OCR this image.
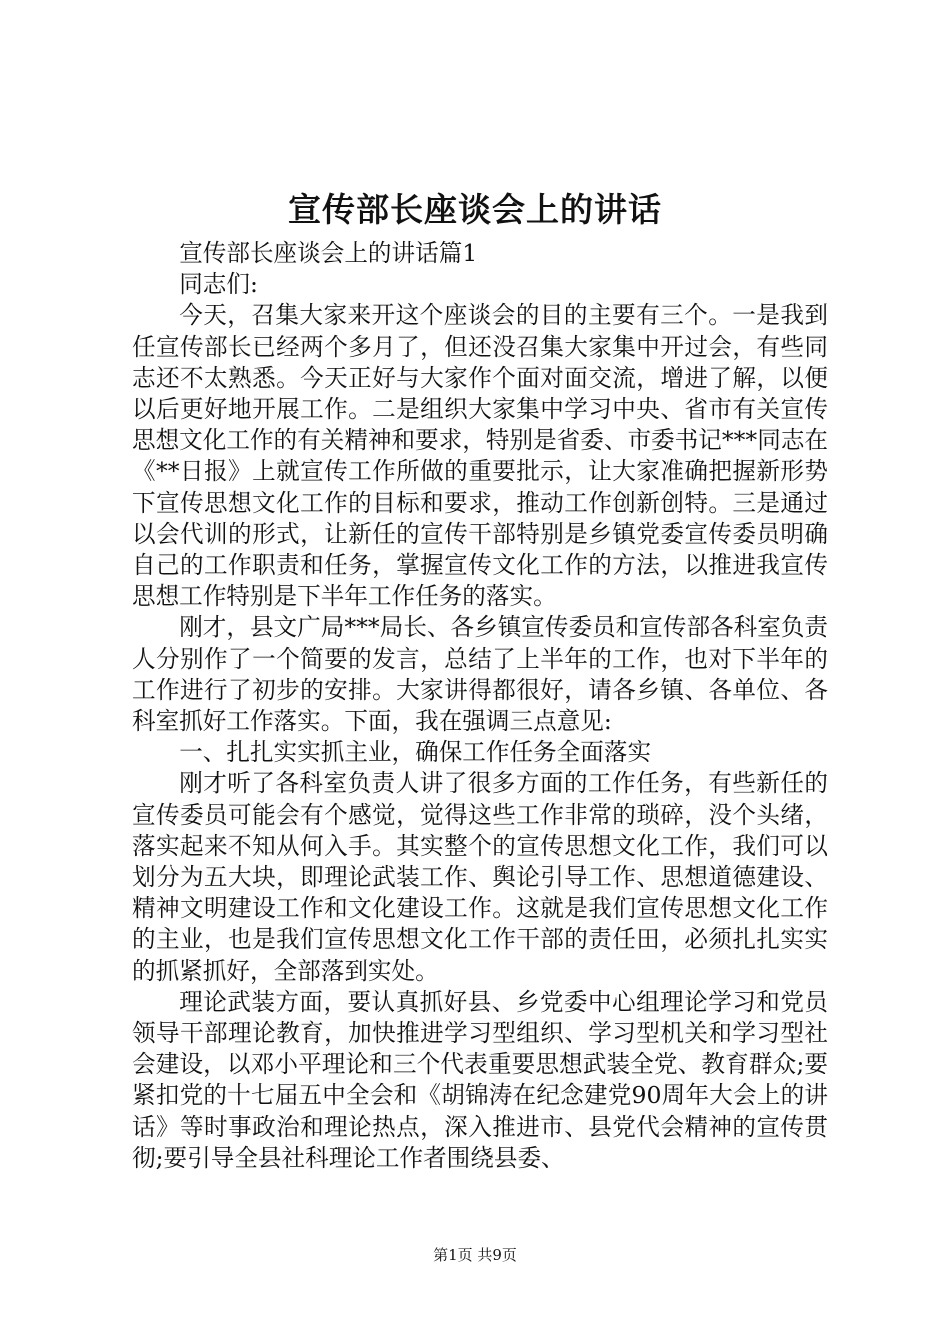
宣传部长座谈会上的讲话

宣传部长座谈会上的讲话篇1

同志们:

今天，召集大家来开这个座谈会的目的主要有三个。一是我到任宣传部长已经两个多月了，但还没召集大家集中开过会，有些同志还不太熟悉。今天正好与大家作个面对面交流，增进了解，以便以后更好地开展工作。二是组织大家集中学习中央、省市有关宣传思想文化工作的有关精神和要求，特别是省委、市委书记***同志在《**日报》上就宣传工作所做的重要批示，让大家准确把握新形势下宣传思想文化工作的目标和要求，推动工作创新创特。三是通过以会代训的形式，让新任的宣传干部特别是乡镇党委宣传委员明确自己的工作职责和任务，掌握宣传文化工作的方法，以推进我宣传思想工作特别是下半年工作任务的落实。

刚才，县文广局***局长、各乡镇宣传委员和宣传部各科室负责人分别作了一个简要的发言，总结了上半年的工作，也对下半年的工作进行了初步的安排。大家讲得都很好，请各乡镇、各单位、各科室抓好工作落实。下面，我在强调三点意见:

一、扎扎实实抓主业，确保工作任务全面落实

刚才听了各科室负责人讲了很多方面的工作任务，有些新任的宣传委员可能会有个感觉，觉得这些工作非常的琐碎，没个头绪，落实起来不知从何入手。其实整个的宣传思想文化工作，我们可以划分为五大块，即理论武装工作、舆论引导工作、思想道德建设、精神文明建设工作和文化建设工作。这就是我们宣传思想文化工作的主业，也是我们宣传思想文化工作干部的责任田，必须扎扎实实的抓紧抓好，全部落到实处。

理论武装方面，要认真抓好县、乡党委中心组理论学习和党员领导干部理论教育，加快推进学习型组织、学习型机关和学习型社会建设，以邓小平理论和三个代表重要思想武装全党、教育群众;要紧扣党的十七届五中全会和《胡锦涛在纪念建党90周年大会上的讲话》等时事政治和理论热点，深入推进市、县党代会精神的宣传贯彻;要引导全县社科理论工作者围绕县委、

第1页 共9页
